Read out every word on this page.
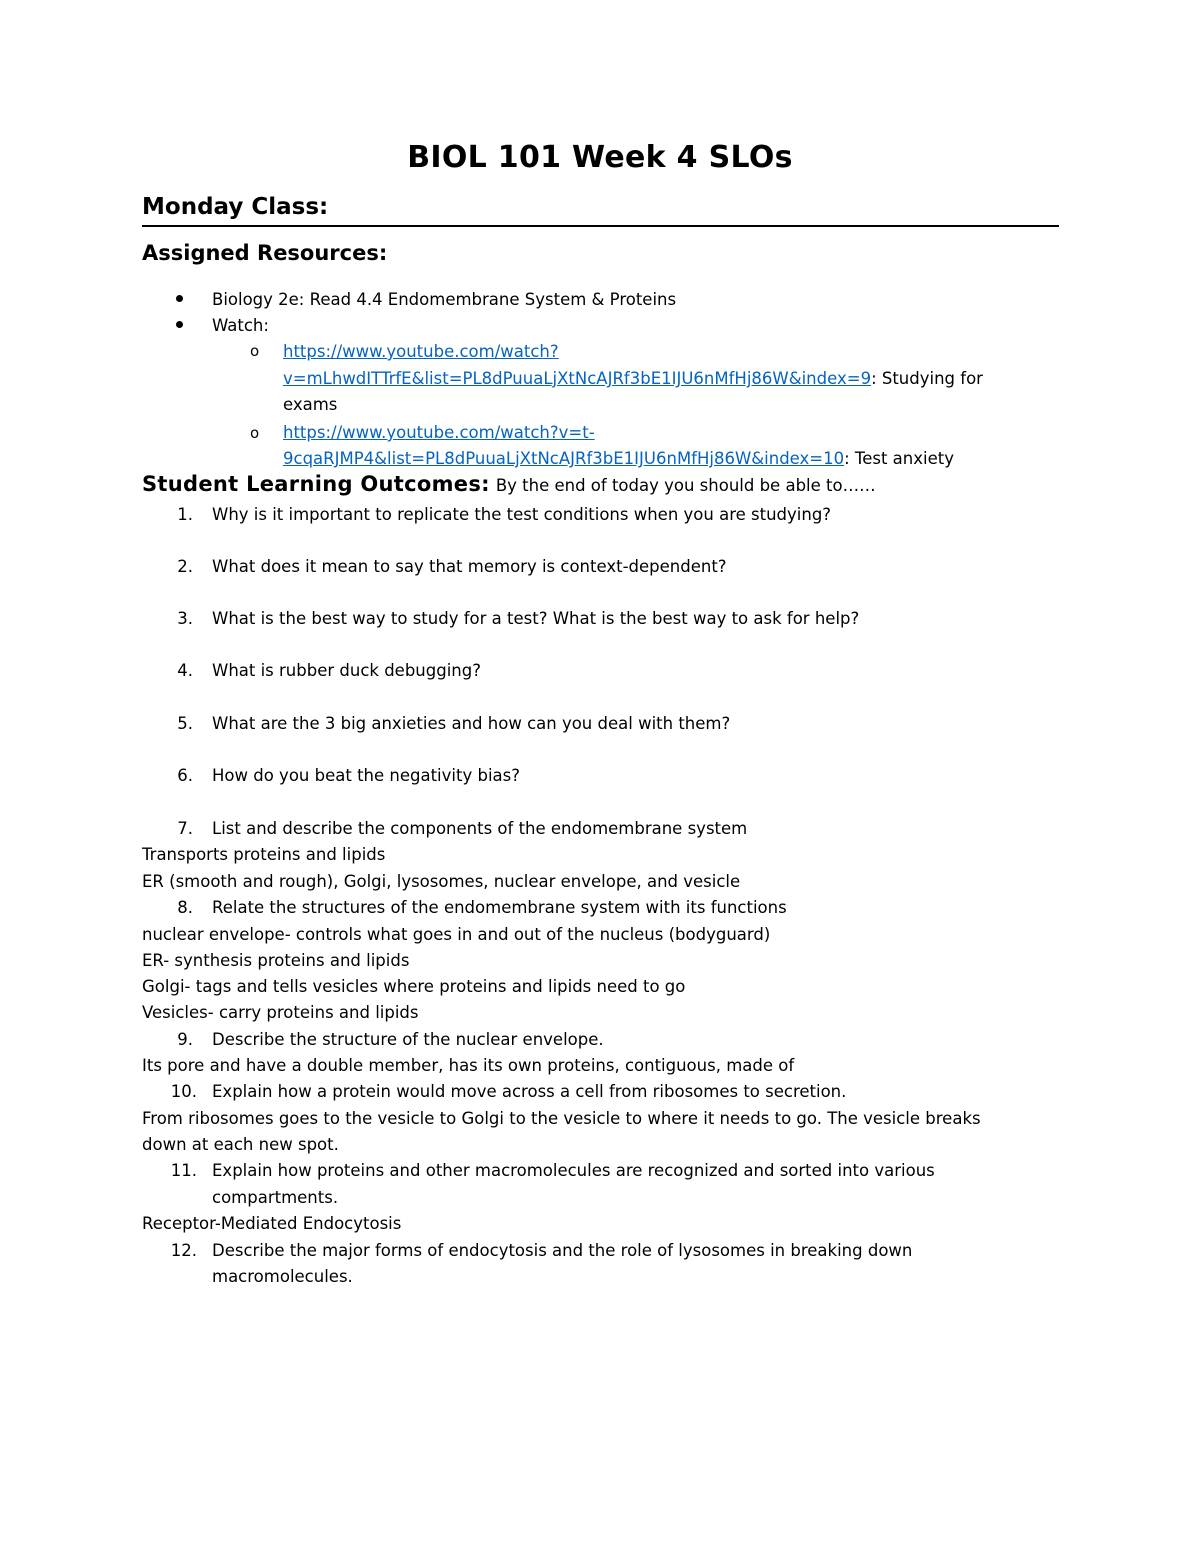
BIOL 101 Week 4 SLOs
Monday Class:
Assigned Resources:
Biology 2e: Read 4.4 Endomembrane System & Proteins
Watch:
o https://www.youtube.com/watch?
v=mLhwdITTrfE&list=PL8dPuuaLjXtNcAJRf3bE1IJU6nMfHj86W&index=9: Studying for
exams
o https://www.youtube.com/watch?v=t-
9cqaRJMP4&list=PL8dPuuaLjXtNcAJRf3bE1IJU6nMfHj86W&index=10: Test anxiety
Student Learning Outcomes: By the end of today you should be able to……
1. Why is it important to replicate the test conditions when you are studying?
2. What does it mean to say that memory is context-dependent?
3. What is the best way to study for a test? What is the best way to ask for help?
4. What is rubber duck debugging?
5. What are the 3 big anxieties and how can you deal with them?
6. How do you beat the negativity bias?
7. List and describe the components of the endomembrane system
Transports proteins and lipids
ER (smooth and rough), Golgi, lysosomes, nuclear envelope, and vesicle
8. Relate the structures of the endomembrane system with its functions
nuclear envelope- controls what goes in and out of the nucleus (bodyguard)
ER- synthesis proteins and lipids
Golgi- tags and tells vesicles where proteins and lipids need to go
Vesicles- carry proteins and lipids
9. Describe the structure of the nuclear envelope.
Its pore and have a double member, has its own proteins, contiguous, made of
10. Explain how a protein would move across a cell from ribosomes to secretion.
From ribosomes goes to the vesicle to Golgi to the vesicle to where it needs to go. The vesicle breaks
down at each new spot.
11. Explain how proteins and other macromolecules are recognized and sorted into various
compartments.
Receptor-Mediated Endocytosis
12. Describe the major forms of endocytosis and the role of lysosomes in breaking down
macromolecules.
